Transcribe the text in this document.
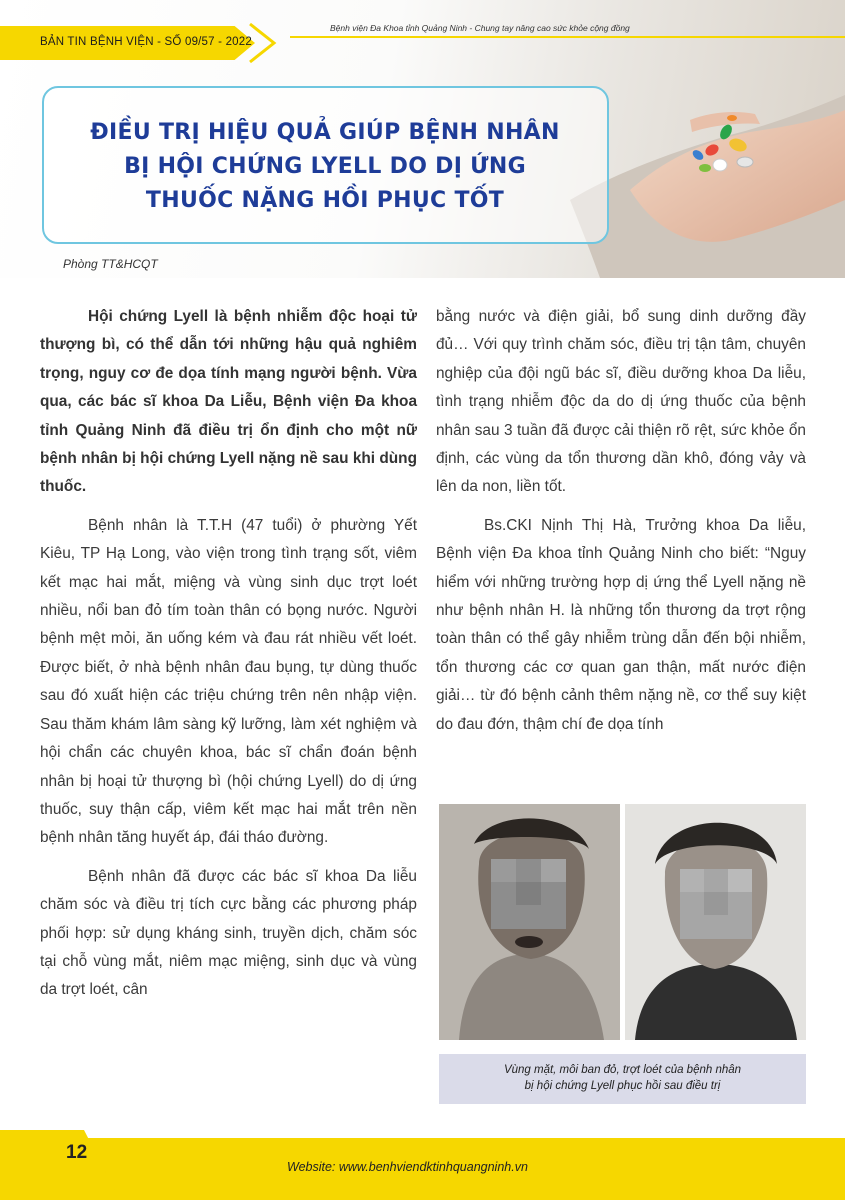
BẢN TIN BỆNH VIỆN - SỐ 09/57 - 2022
Bệnh viện Đa Khoa tỉnh Quảng Ninh - Chung tay nâng cao sức khỏe cộng đồng
ĐIỀU TRỊ HIỆU QUẢ GIÚP BỆNH NHÂN
BỊ HỘI CHỨNG LYELL DO DỊ ỨNG
THUỐC NẶNG HỒI PHỤC TỐT
Phòng TT&HCQT

Hội chứng Lyell là bệnh nhiễm độc hoại tử thượng bì, có thể dẫn tới những hậu quả nghiêm trọng, nguy cơ đe dọa tính mạng người bệnh. Vừa qua, các bác sĩ khoa Da Liễu, Bệnh viện Đa khoa tỉnh Quảng Ninh đã điều trị ổn định cho một nữ bệnh nhân bị hội chứng Lyell nặng nề sau khi dùng thuốc.

Bệnh nhân là T.T.H (47 tuổi) ở phường Yết Kiêu, TP Hạ Long, vào viện trong tình trạng sốt, viêm kết mạc hai mắt, miệng và vùng sinh dục trợt loét nhiều, nổi ban đỏ tím toàn thân có bọng nước. Người bệnh mệt mỏi, ăn uống kém và đau rát nhiều vết loét. Được biết, ở nhà bệnh nhân đau bụng, tự dùng thuốc sau đó xuất hiện các triệu chứng trên nên nhập viện. Sau thăm khám lâm sàng kỹ lưỡng, làm xét nghiệm và hội chẩn các chuyên khoa, bác sĩ chẩn đoán bệnh nhân bị hoại tử thượng bì (hội chứng Lyell) do dị ứng thuốc, suy thận cấp, viêm kết mạc hai mắt trên nền bệnh nhân tăng huyết áp, đái tháo đường.

Bệnh nhân đã được các bác sĩ khoa Da liễu chăm sóc và điều trị tích cực bằng các phương pháp phối hợp: sử dụng kháng sinh, truyền dịch, chăm sóc tại chỗ vùng mắt, niêm mạc miệng, sinh dục và vùng da trợt loét, cân

bằng nước và điện giải, bổ sung dinh dưỡng đầy đủ… Với quy trình chăm sóc, điều trị tận tâm, chuyên nghiệp của đội ngũ bác sĩ, điều dưỡng khoa Da liễu, tình trạng nhiễm độc da do dị ứng thuốc của bệnh nhân sau 3 tuần đã được cải thiện rõ rệt, sức khỏe ổn định, các vùng da tổn thương dần khô, đóng vảy và lên da non, liền tốt.

Bs.CKI Nịnh Thị Hà, Trưởng khoa Da liễu, Bệnh viện Đa khoa tỉnh Quảng Ninh cho biết: “Nguy hiểm với những trường hợp dị ứng thể Lyell nặng nề như bệnh nhân H. là những tổn thương da trợt rộng toàn thân có thể gây nhiễm trùng dẫn đến bội nhiễm, tổn thương các cơ quan gan thận, mất nước điện giải… từ đó bệnh cảnh thêm nặng nề, cơ thể suy kiệt do đau đớn, thậm chí đe dọa tính

Vùng mặt, môi ban đỏ, trợt loét của bệnh nhân
bị hội chứng Lyell phục hồi sau điều trị
12
Website: www.benhviendktinhquangninh.vn
